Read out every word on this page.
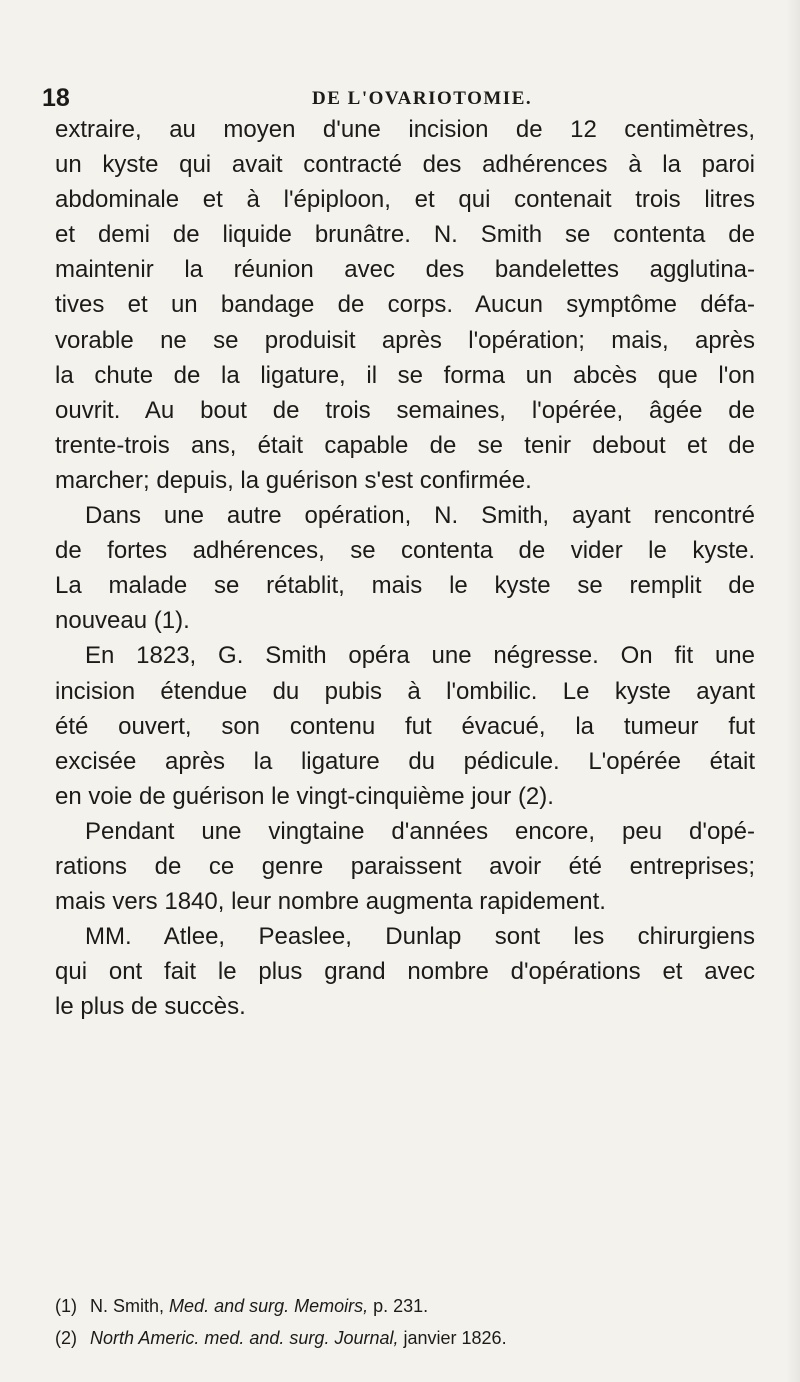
18	DE L'OVARIOTOMIE.
extraire, au moyen d'une incision de 12 centimètres,
un kyste qui avait contracté des adhérences à la paroi
abdominale et à l'épiploon, et qui contenait trois litres
et demi de liquide brunâtre. N. Smith se contenta de
maintenir la réunion avec des bandelettes agglutina-
tives et un bandage de corps. Aucun symptôme défa-
vorable ne se produisit après l'opération; mais, après
la chute de la ligature, il se forma un abcès que l'on
ouvrit. Au bout de trois semaines, l'opérée, âgée de
trente-trois ans, était capable de se tenir debout et de
marcher; depuis, la guérison s'est confirmée.
Dans une autre opération, N. Smith, ayant rencontré
de fortes adhérences, se contenta de vider le kyste.
La malade se rétablit, mais le kyste se remplit de
nouveau (1).
En 1823, G. Smith opéra une négresse. On fit une
incision étendue du pubis à l'ombilic. Le kyste ayant
été ouvert, son contenu fut évacué, la tumeur fut
excisée après la ligature du pédicule. L'opérée était
en voie de guérison le vingt-cinquième jour (2).
Pendant une vingtaine d'années encore, peu d'opé-
rations de ce genre paraissent avoir été entreprises;
mais vers 1840, leur nombre augmenta rapidement.
MM. Atlee, Peaslee, Dunlap sont les chirurgiens
qui ont fait le plus grand nombre d'opérations et avec
le plus de succès.
(1) N. Smith, Med. and surg. Memoirs, p. 231.
(2) North Americ. med. and. surg. Journal, janvier 1826.
